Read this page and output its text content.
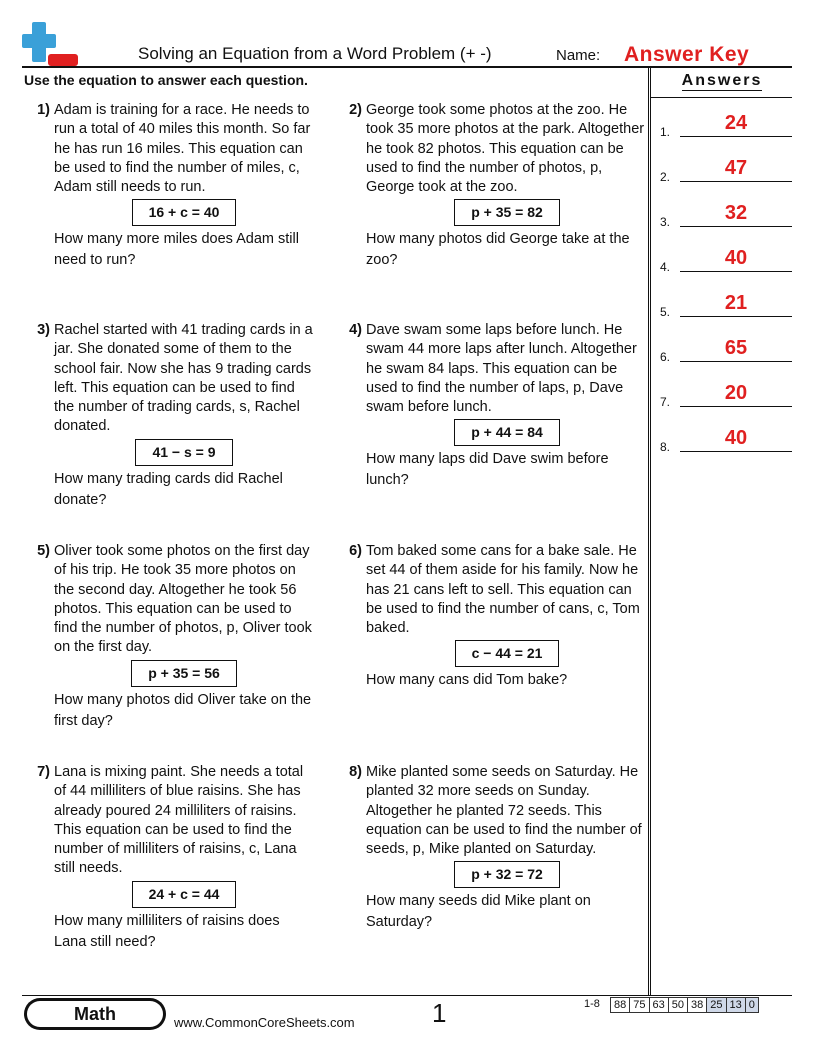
Solving an Equation from a Word Problem (+ -)	Name: Answer Key
Use the equation to answer each question.
1) Adam is training for a race. He needs to run a total of 40 miles this month. So far he has run 16 miles. This equation can be used to find the number of miles, c, Adam still needs to run.
16 + c = 40
How many more miles does Adam still need to run?
2) George took some photos at the zoo. He took 35 more photos at the park. Altogether he took 82 photos. This equation can be used to find the number of photos, p, George took at the zoo.
p + 35 = 82
How many photos did George take at the zoo?
3) Rachel started with 41 trading cards in a jar. She donated some of them to the school fair. Now she has 9 trading cards left. This equation can be used to find the number of trading cards, s, Rachel donated.
41 − s = 9
How many trading cards did Rachel donate?
4) Dave swam some laps before lunch. He swam 44 more laps after lunch. Altogether he swam 84 laps. This equation can be used to find the number of laps, p, Dave swam before lunch.
p + 44 = 84
How many laps did Dave swim before lunch?
5) Oliver took some photos on the first day of his trip. He took 35 more photos on the second day. Altogether he took 56 photos. This equation can be used to find the number of photos, p, Oliver took on the first day.
p + 35 = 56
How many photos did Oliver take on the first day?
6) Tom baked some cans for a bake sale. He set 44 of them aside for his family. Now he has 21 cans left to sell. This equation can be used to find the number of cans, c, Tom baked.
c − 44 = 21
How many cans did Tom bake?
7) Lana is mixing paint. She needs a total of 44 milliliters of blue raisins. She has already poured 24 milliliters of raisins. This equation can be used to find the number of milliliters of raisins, c, Lana still needs.
24 + c = 44
How many milliliters of raisins does Lana still need?
8) Mike planted some seeds on Saturday. He planted 32 more seeds on Sunday. Altogether he planted 72 seeds. This equation can be used to find the number of seeds, p, Mike planted on Saturday.
p + 32 = 72
How many seeds did Mike plant on Saturday?
Answers
1.	24
2.	47
3.	32
4.	40
5.	21
6.	65
7.	20
8.	40
Math	www.CommonCoreSheets.com	1	1-8 88	75	63	50	38	25	13	0
